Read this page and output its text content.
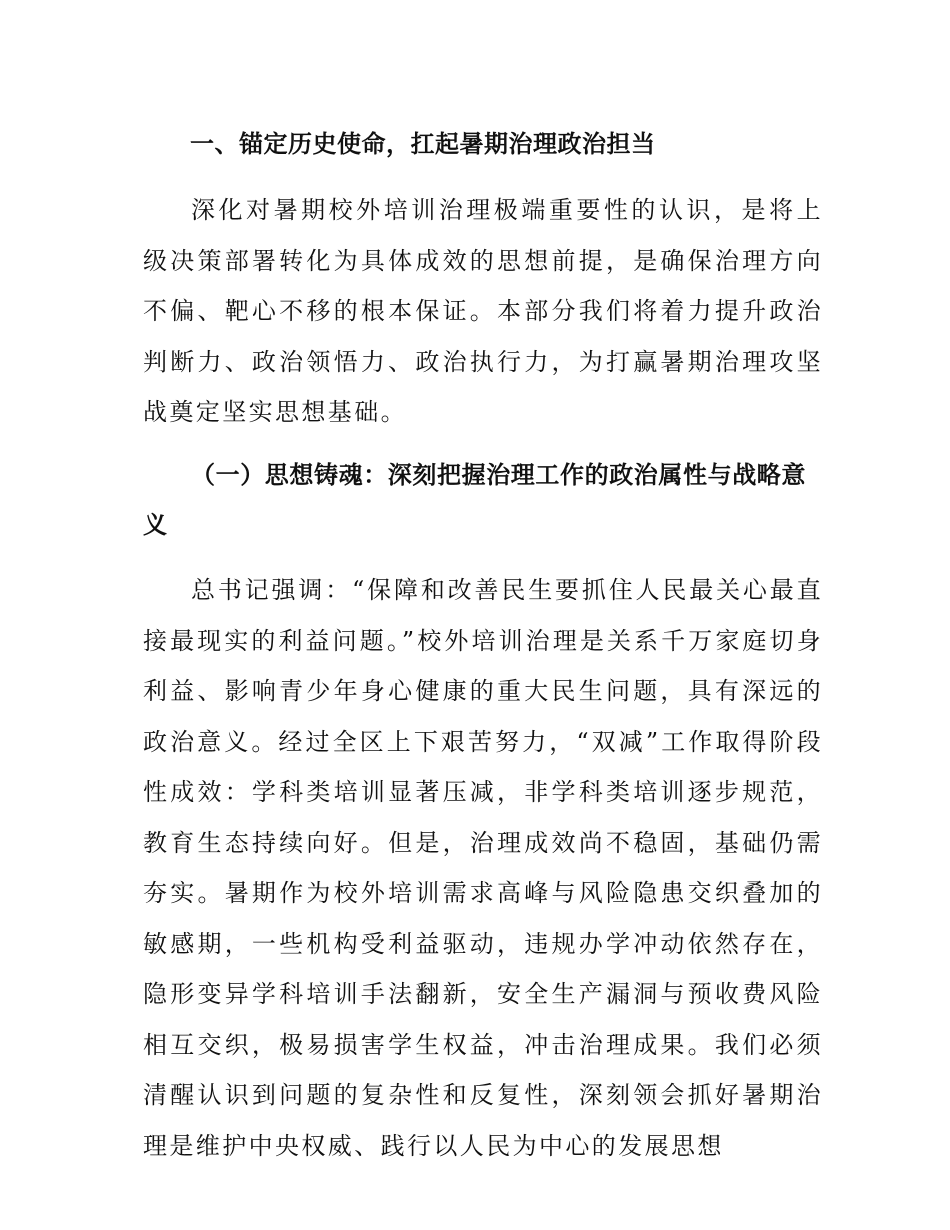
一、锚定历史使命，扛起暑期治理政治担当

深化对暑期校外培训治理极端重要性的认识，是将上级决策部署转化为具体成效的思想前提，是确保治理方向不偏、靶心不移的根本保证。本部分我们将着力提升政治判断力、政治领悟力、政治执行力，为打赢暑期治理攻坚战奠定坚实思想基础。

（一）思想铸魂：深刻把握治理工作的政治属性与战略意义

总书记强调：“保障和改善民生要抓住人民最关心最直接最现实的利益问题。”校外培训治理是关系千万家庭切身利益、影响青少年身心健康的重大民生问题，具有深远的政治意义。经过全区上下艰苦努力，“双减”工作取得阶段性成效：学科类培训显著压减，非学科类培训逐步规范，教育生态持续向好。但是，治理成效尚不稳固，基础仍需夯实。暑期作为校外培训需求高峰与风险隐患交织叠加的敏感期，一些机构受利益驱动，违规办学冲动依然存在，隐形变异学科培训手法翻新，安全生产漏洞与预收费风险相互交织，极易损害学生权益，冲击治理成果。我们必须清醒认识到问题的复杂性和反复性，深刻领会抓好暑期治理是维护中央权威、践行以人民为中心的发展思想
